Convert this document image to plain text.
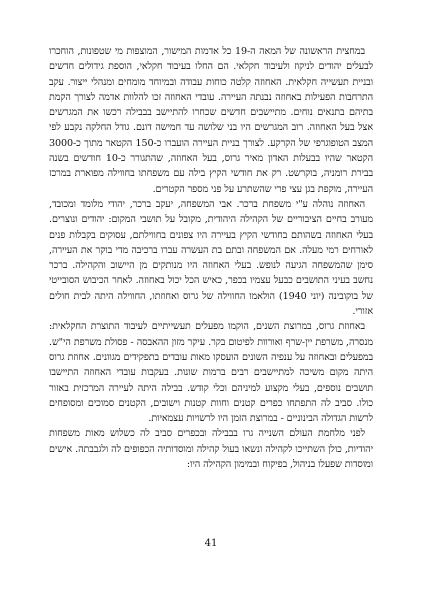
במחצית הראשונה של המאה ה-19 כל אדמות המישור, המוצפות מי שטפונות, הוחכרו לבעלים יהודים לניקוז ולעיבוד חקלאי. הם החלו בעיבוד חקלאי, הוספת גידולים חדשים ובניית תעשייה חקלאית. האחוזה קלטה כוחות עבודה ובמיוחד מומחים ומנהלי ייצור. עקב התרחבות הפעילות באחוזה נבנתה העיירה. עובדי האחוזה זכו להלוות אדמה לצורך הקמת בתיהם בתנאים נוחים. מתיישבים חדשים שכחרו להתיישב בבבילה רכשו את המגרשים אצל בעל האחוזה. רוב המגרשים היו בני שלושה עד חמישה דונם. גודל החלקה נקבע לפי המצב הטופוגרפי של הקרקע. לצורך בניית העיירה הועברו כ-150 הקטאר מתוך כ-3000 הקטאר שהיו בבעלות האדון מאיר גרוס, בעל האחוזה, שהתגורר כ-10 חודשים בשנה בבירת רומניה, בוקרשט. רק את חודשי הקיץ בילה עם משפחתו בחווילה מפוארת במרכז העיירה, מוקפת בגן עצי פרי שהשתרע על פני מספר הקטרים.

האחוזה נוהלה ע"י משפחת ברכר. אבי המשפחה, יעקב ברכר, יהודי מלומד ומכובד, מעורב בחיים הציבוריים של הקהילה היהודית, מקובל על תושבי המקום: יהודים ונוצרים. בעלי האחוזה בשהותם בחודשי הקיץ בעיירה היו צפונים בחווילתם, עסוקים בקבלות פנים לאורחים רמי מעלה. אם המשפחה ובתם בת העשרה עברו ברכיבה מדי בוקר את העיירה, סימן שהמשפחה הגיעה לנופש. בעלי האחוזה היו מנותקים מן היישוב והקהילה. ברכר נחשב בעיני התושבים כבעל עצמיו בכפר, כאיש הכל יכול באחוזה. לאחר הכיבוש הסובייטי של בוקובינה (יוני 1940) הולאמו החווילה של גרוס ואחוזתו, החווילה היתה לבית חולים אזורי.

באחוזת גרוס, במרוצת השנים, הוקמו מפעלים תעשייתיים לעיבוד התוצרת החקלאית: מנסרה, משרפת יין-שרף ואורוות לפיטום בקר. עיקר מזון ההאבסה - פסולת משרפת הי"ש. במפעלים ובאחוזה על ענפיה השונים הועסקו מאות עובדים בתפקידים מגוונים. אחוזת גרוס היתה מקום משיכה למתיישבים רבים ברמות שונות. בעקבות עובדי האחוזה התיישבו תושבים נוספים, בעלי מקצוע למיניהם וכלי קודש. בבילה היתה לעיירה המרכזית באזור כולו. סביב לה התפתחו כפרים קטנים וחוות קטנות וישובים, הקטנים סמוכים ומסופחים לרשות הגדולה הבינוניים - במרוצת הזמן היו לרשויות עצמאיות.

לפני מלחמת העולם השנייה גרו בבבילה ובכפרים סביב לה כשלוש מאות משפחות יהודיות, כולן השתייכו לקהילה ונשאו בעול קהילה ומוסדותיה הכפופים לה ולגבבתה. אישים ומוסדות שפעלו בניהול, בפיקוח ובמימון הקהילה היו:

41
